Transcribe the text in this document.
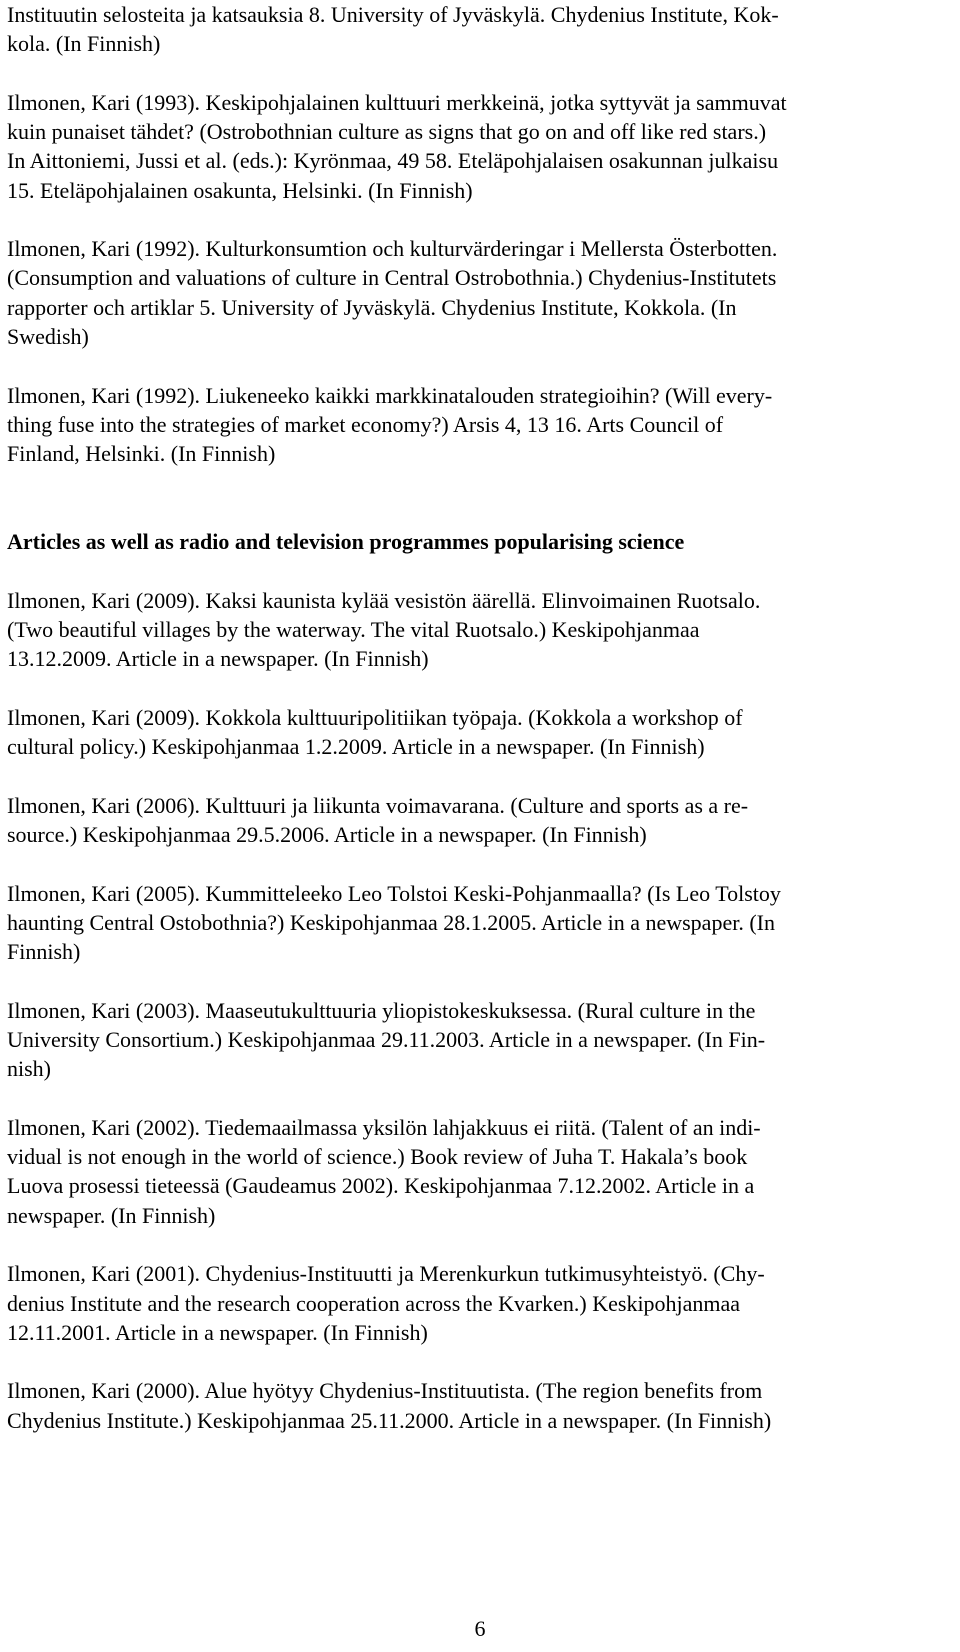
Instituutin selosteita ja katsauksia 8. University of Jyväskylä. Chydenius Institute, Kok-
kola. (In Finnish)

Ilmonen, Kari (1993). Keskipohjalainen kulttuuri merkkeinä, jotka syttyvät ja sammuvat
kuin punaiset tähdet? (Ostrobothnian culture as signs that go on and off like red stars.)
In Aittoniemi, Jussi et al. (eds.): Kyrönmaa, 49 58. Eteläpohjalaisen osakunnan julkaisu
15. Eteläpohjalainen osakunta, Helsinki. (In Finnish)

Ilmonen, Kari (1992). Kulturkonsumtion och kulturvärderingar i Mellersta Österbotten.
(Consumption and valuations of culture in Central Ostrobothnia.) Chydenius-Institutets
rapporter och artiklar 5. University of Jyväskylä. Chydenius Institute, Kokkola. (In
Swedish)

Ilmonen, Kari (1992). Liukeneeko kaikki markkinatalouden strategioihin? (Will every-
thing fuse into the strategies of market economy?) Arsis 4, 13 16. Arts Council of
Finland, Helsinki. (In Finnish)

Articles as well as radio and television programmes popularising science

Ilmonen, Kari (2009). Kaksi kaunista kylää vesistön äärellä. Elinvoimainen Ruotsalo.
(Two beautiful villages by the waterway. The vital Ruotsalo.) Keskipohjanmaa
13.12.2009. Article in a newspaper. (In Finnish)

Ilmonen, Kari (2009). Kokkola kulttuuripolitiikan työpaja. (Kokkola a workshop of
cultural policy.) Keskipohjanmaa 1.2.2009. Article in a newspaper. (In Finnish)

Ilmonen, Kari (2006). Kulttuuri ja liikunta voimavarana. (Culture and sports as a re-
source.) Keskipohjanmaa 29.5.2006. Article in a newspaper. (In Finnish)

Ilmonen, Kari (2005). Kummitteleeko Leo Tolstoi Keski-Pohjanmaalla? (Is Leo Tolstoy
haunting Central Ostobothnia?) Keskipohjanmaa 28.1.2005. Article in a newspaper. (In
Finnish)

Ilmonen, Kari (2003). Maaseutukulttuuria yliopistokeskuksessa. (Rural culture in the
University Consortium.) Keskipohjanmaa 29.11.2003. Article in a newspaper. (In Fin-
nish)

Ilmonen, Kari (2002). Tiedemaailmassa yksilön lahjakkuus ei riitä. (Talent of an indi-
vidual is not enough in the world of science.) Book review of Juha T. Hakala’s book
Luova prosessi tieteessä (Gaudeamus 2002). Keskipohjanmaa 7.12.2002. Article in a
newspaper. (In Finnish)

Ilmonen, Kari (2001). Chydenius-Instituutti ja Merenkurkun tutkimusyhteistyö. (Chy-
denius Institute and the research cooperation across the Kvarken.) Keskipohjanmaa
12.11.2001. Article in a newspaper. (In Finnish)

Ilmonen, Kari (2000). Alue hyötyy Chydenius-Instituutista. (The region benefits from
Chydenius Institute.) Keskipohjanmaa 25.11.2000. Article in a newspaper. (In Finnish)

6
